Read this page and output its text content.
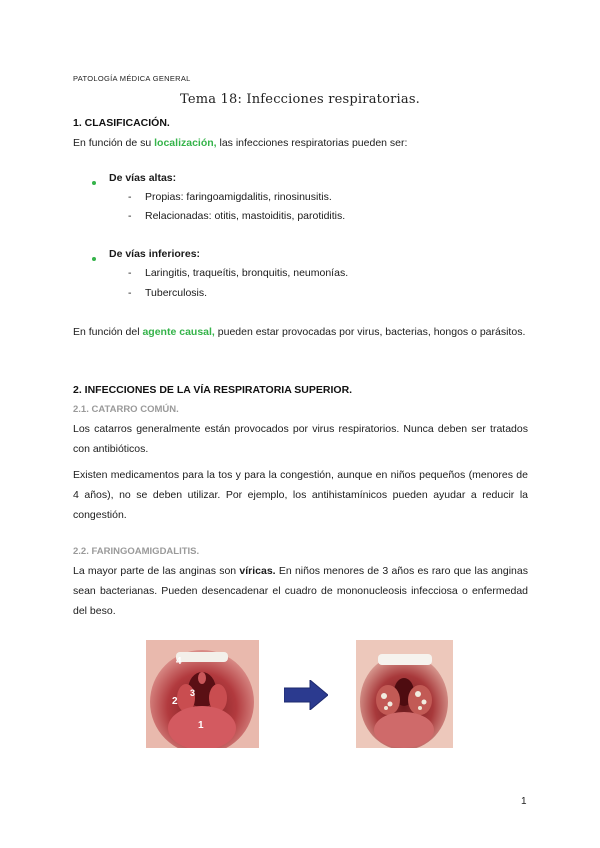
PATOLOGÍA MÉDICA GENERAL
Tema 18: Infecciones respiratorias.
1. CLASIFICACIÓN.
En función de su localización, las infecciones respiratorias pueden ser:
De vías altas:
- Propias: faringoamigdalitis, rinosinusitis.
- Relacionadas: otitis, mastoiditis, parotiditis.
De vías inferiores:
- Laringitis, traqueítis, bronquitis, neumonías.
- Tuberculosis.
En función del agente causal, pueden estar provocadas por virus, bacterias, hongos o parásitos.
2. INFECCIONES DE LA VÍA RESPIRATORIA SUPERIOR.
2.1. CATARRO COMÚN.
Los catarros generalmente están provocados por virus respiratorios. Nunca deben ser tratados con antibióticos.
Existen medicamentos para la tos y para la congestión, aunque en niños pequeños (menores de 4 años), no se deben utilizar. Por ejemplo, los antihistamínicos pueden ayudar a reducir la congestión.
2.2. FARINGOAMIGDALITIS.
La mayor parte de las anginas son víricas. En niños menores de 3 años es raro que las anginas sean bacterianas. Pueden desencadenar el cuadro de mononucleosis infecciosa o enfermedad del beso.
4
3
2
1
1
